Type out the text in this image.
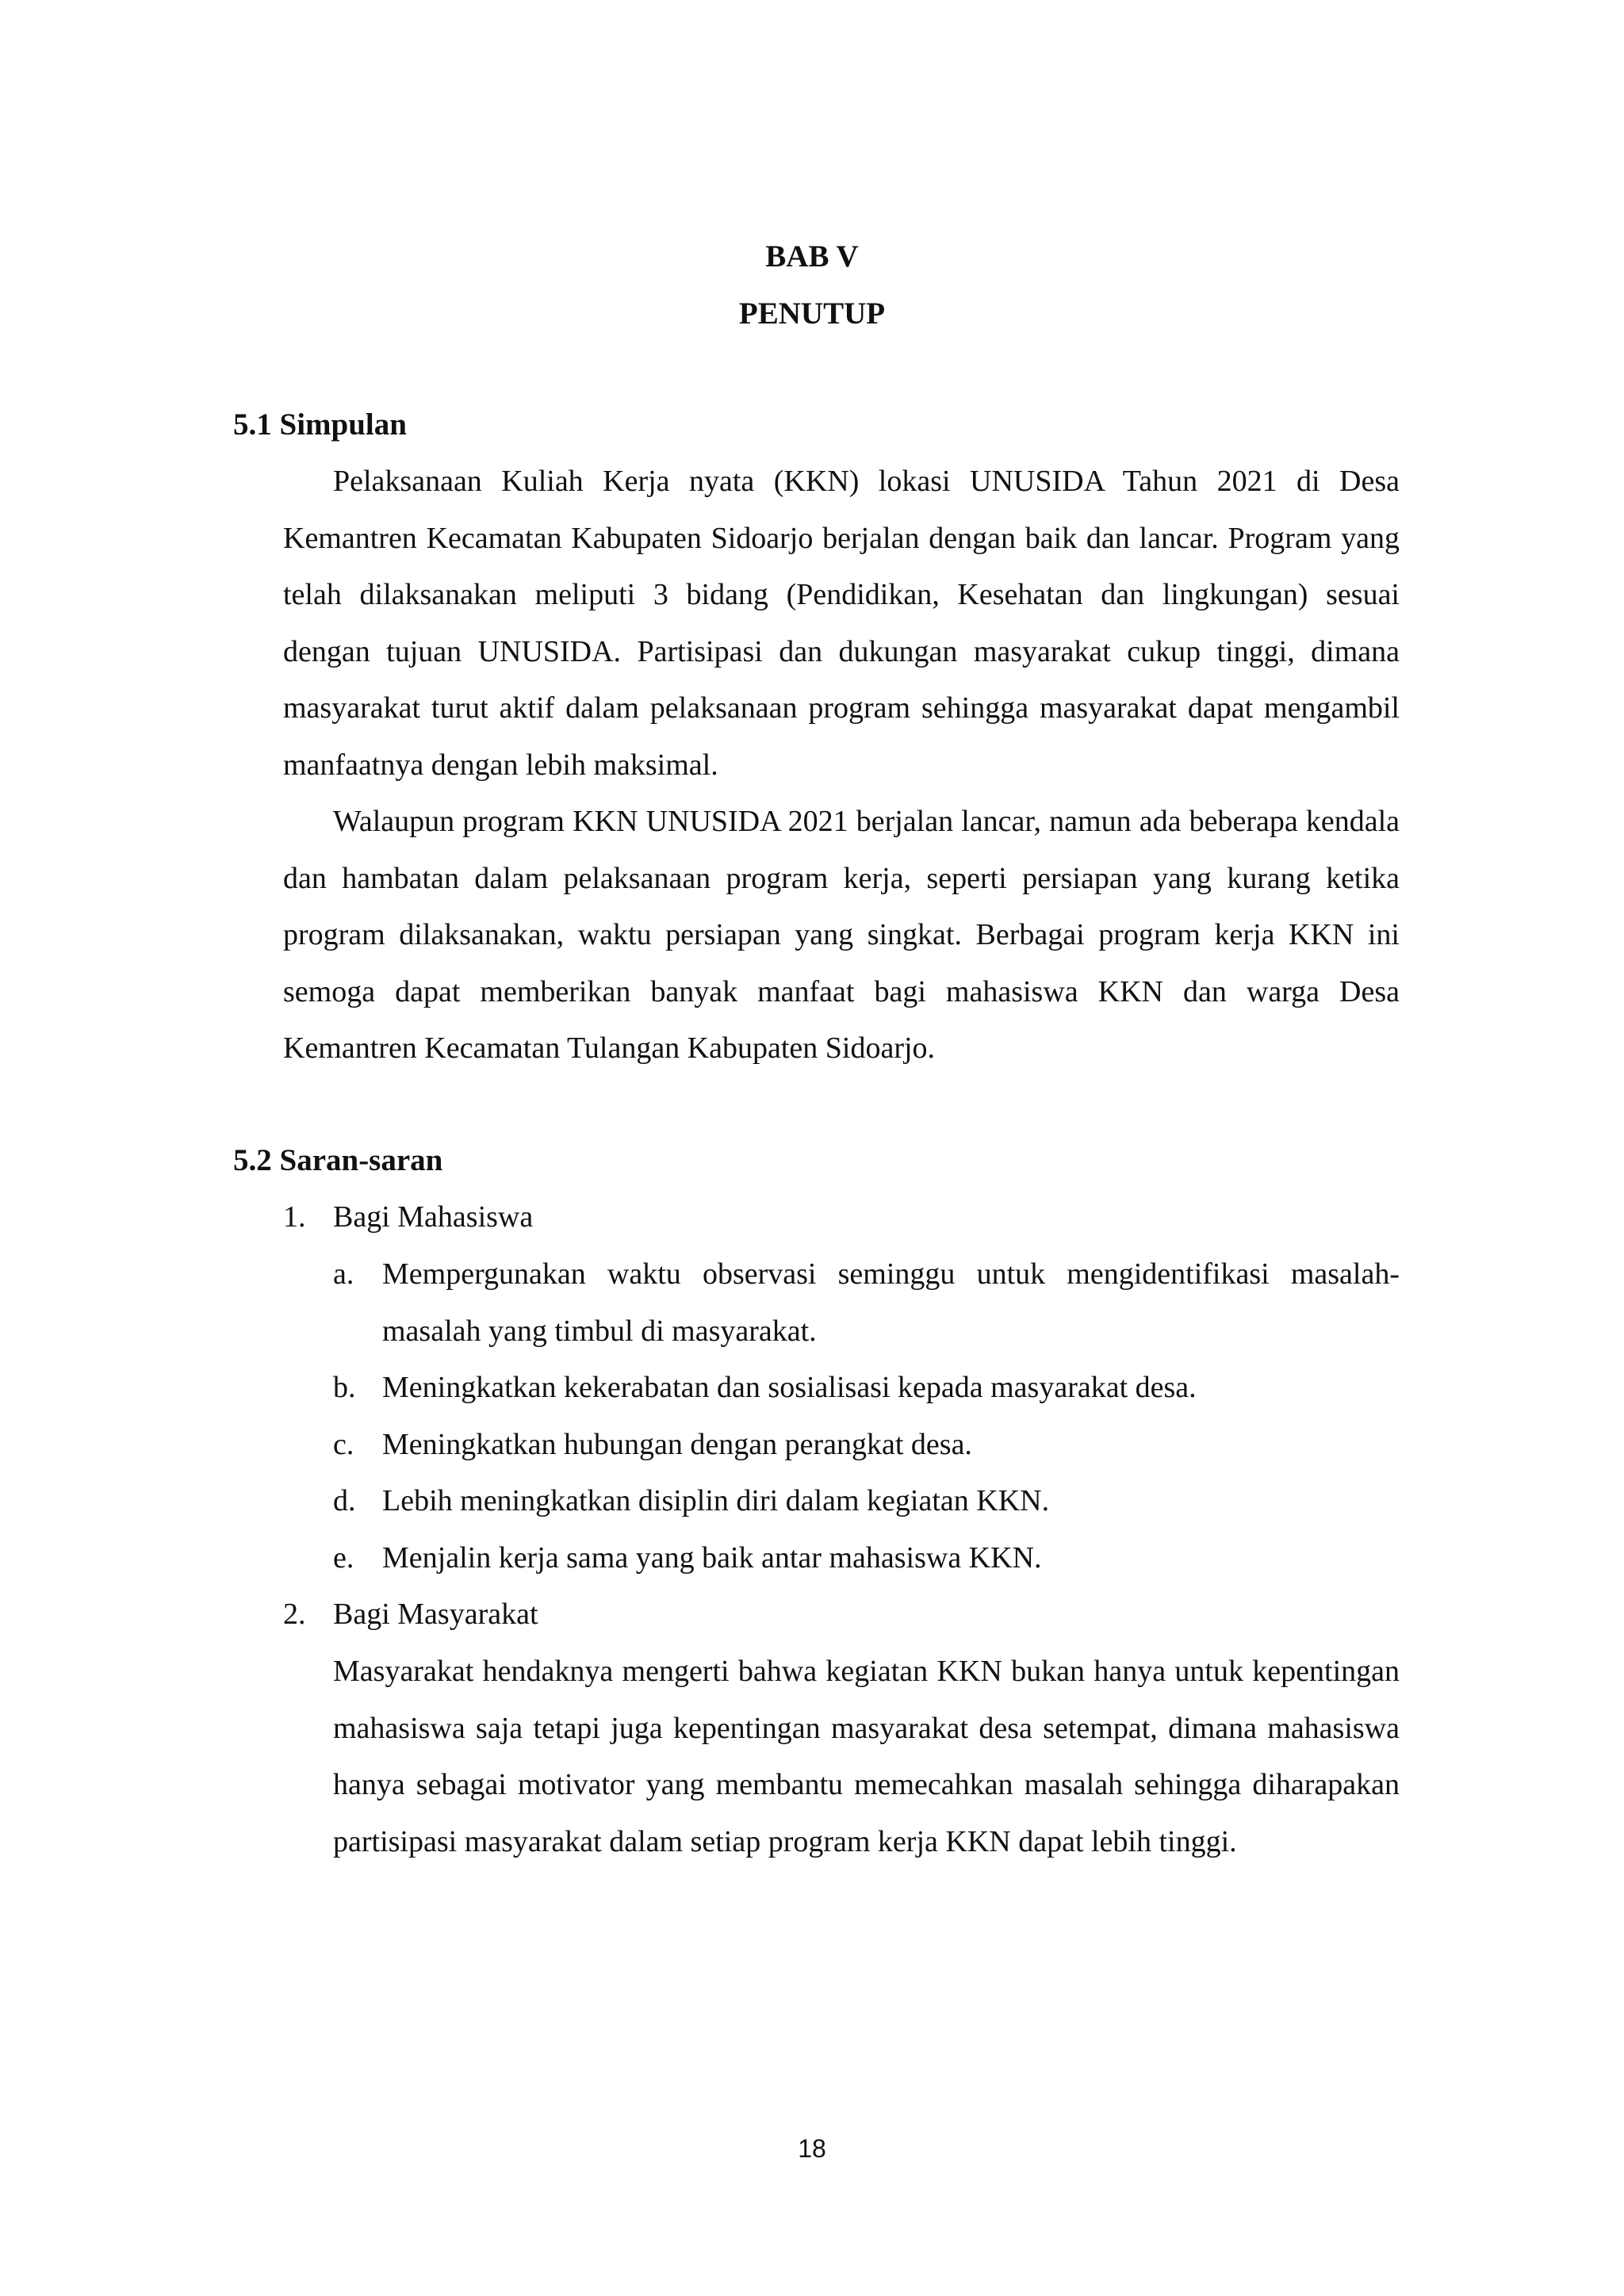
BAB V
PENUTUP
5.1 Simpulan

Pelaksanaan Kuliah Kerja nyata (KKN) lokasi UNUSIDA Tahun 2021 di Desa Kemantren Kecamatan Kabupaten Sidoarjo berjalan dengan baik dan lancar. Program yang telah dilaksanakan meliputi 3 bidang (Pendidikan, Kesehatan dan lingkungan) sesuai dengan tujuan UNUSIDA. Partisipasi dan dukungan masyarakat cukup tinggi, dimana masyarakat turut aktif dalam pelaksanaan program sehingga masyarakat dapat mengambil manfaatnya dengan lebih maksimal.

Walaupun program KKN UNUSIDA 2021 berjalan lancar, namun ada beberapa kendala dan hambatan dalam pelaksanaan program kerja, seperti persiapan yang kurang ketika program dilaksanakan, waktu persiapan yang singkat. Berbagai program kerja KKN ini semoga dapat memberikan banyak manfaat bagi mahasiswa KKN dan warga Desa Kemantren Kecamatan Tulangan Kabupaten Sidoarjo.

5.2 Saran-saran
1. Bagi Mahasiswa
a. Mempergunakan waktu observasi seminggu untuk mengidentifikasi masalah-masalah yang timbul di masyarakat.

b. Meningkatkan kekerabatan dan sosialisasi kepada masyarakat desa.

c. Meningkatkan hubungan dengan perangkat desa.

d. Lebih meningkatkan disiplin diri dalam kegiatan KKN.

e. Menjalin kerja sama yang baik antar mahasiswa KKN.

2. Bagi Masyarakat

Masyarakat hendaknya mengerti bahwa kegiatan KKN bukan hanya untuk kepentingan mahasiswa saja tetapi juga kepentingan masyarakat desa setempat, dimana mahasiswa hanya sebagai motivator yang membantu memecahkan masalah sehingga diharapakan partisipasi masyarakat dalam setiap program kerja KKN dapat lebih tinggi.

18
